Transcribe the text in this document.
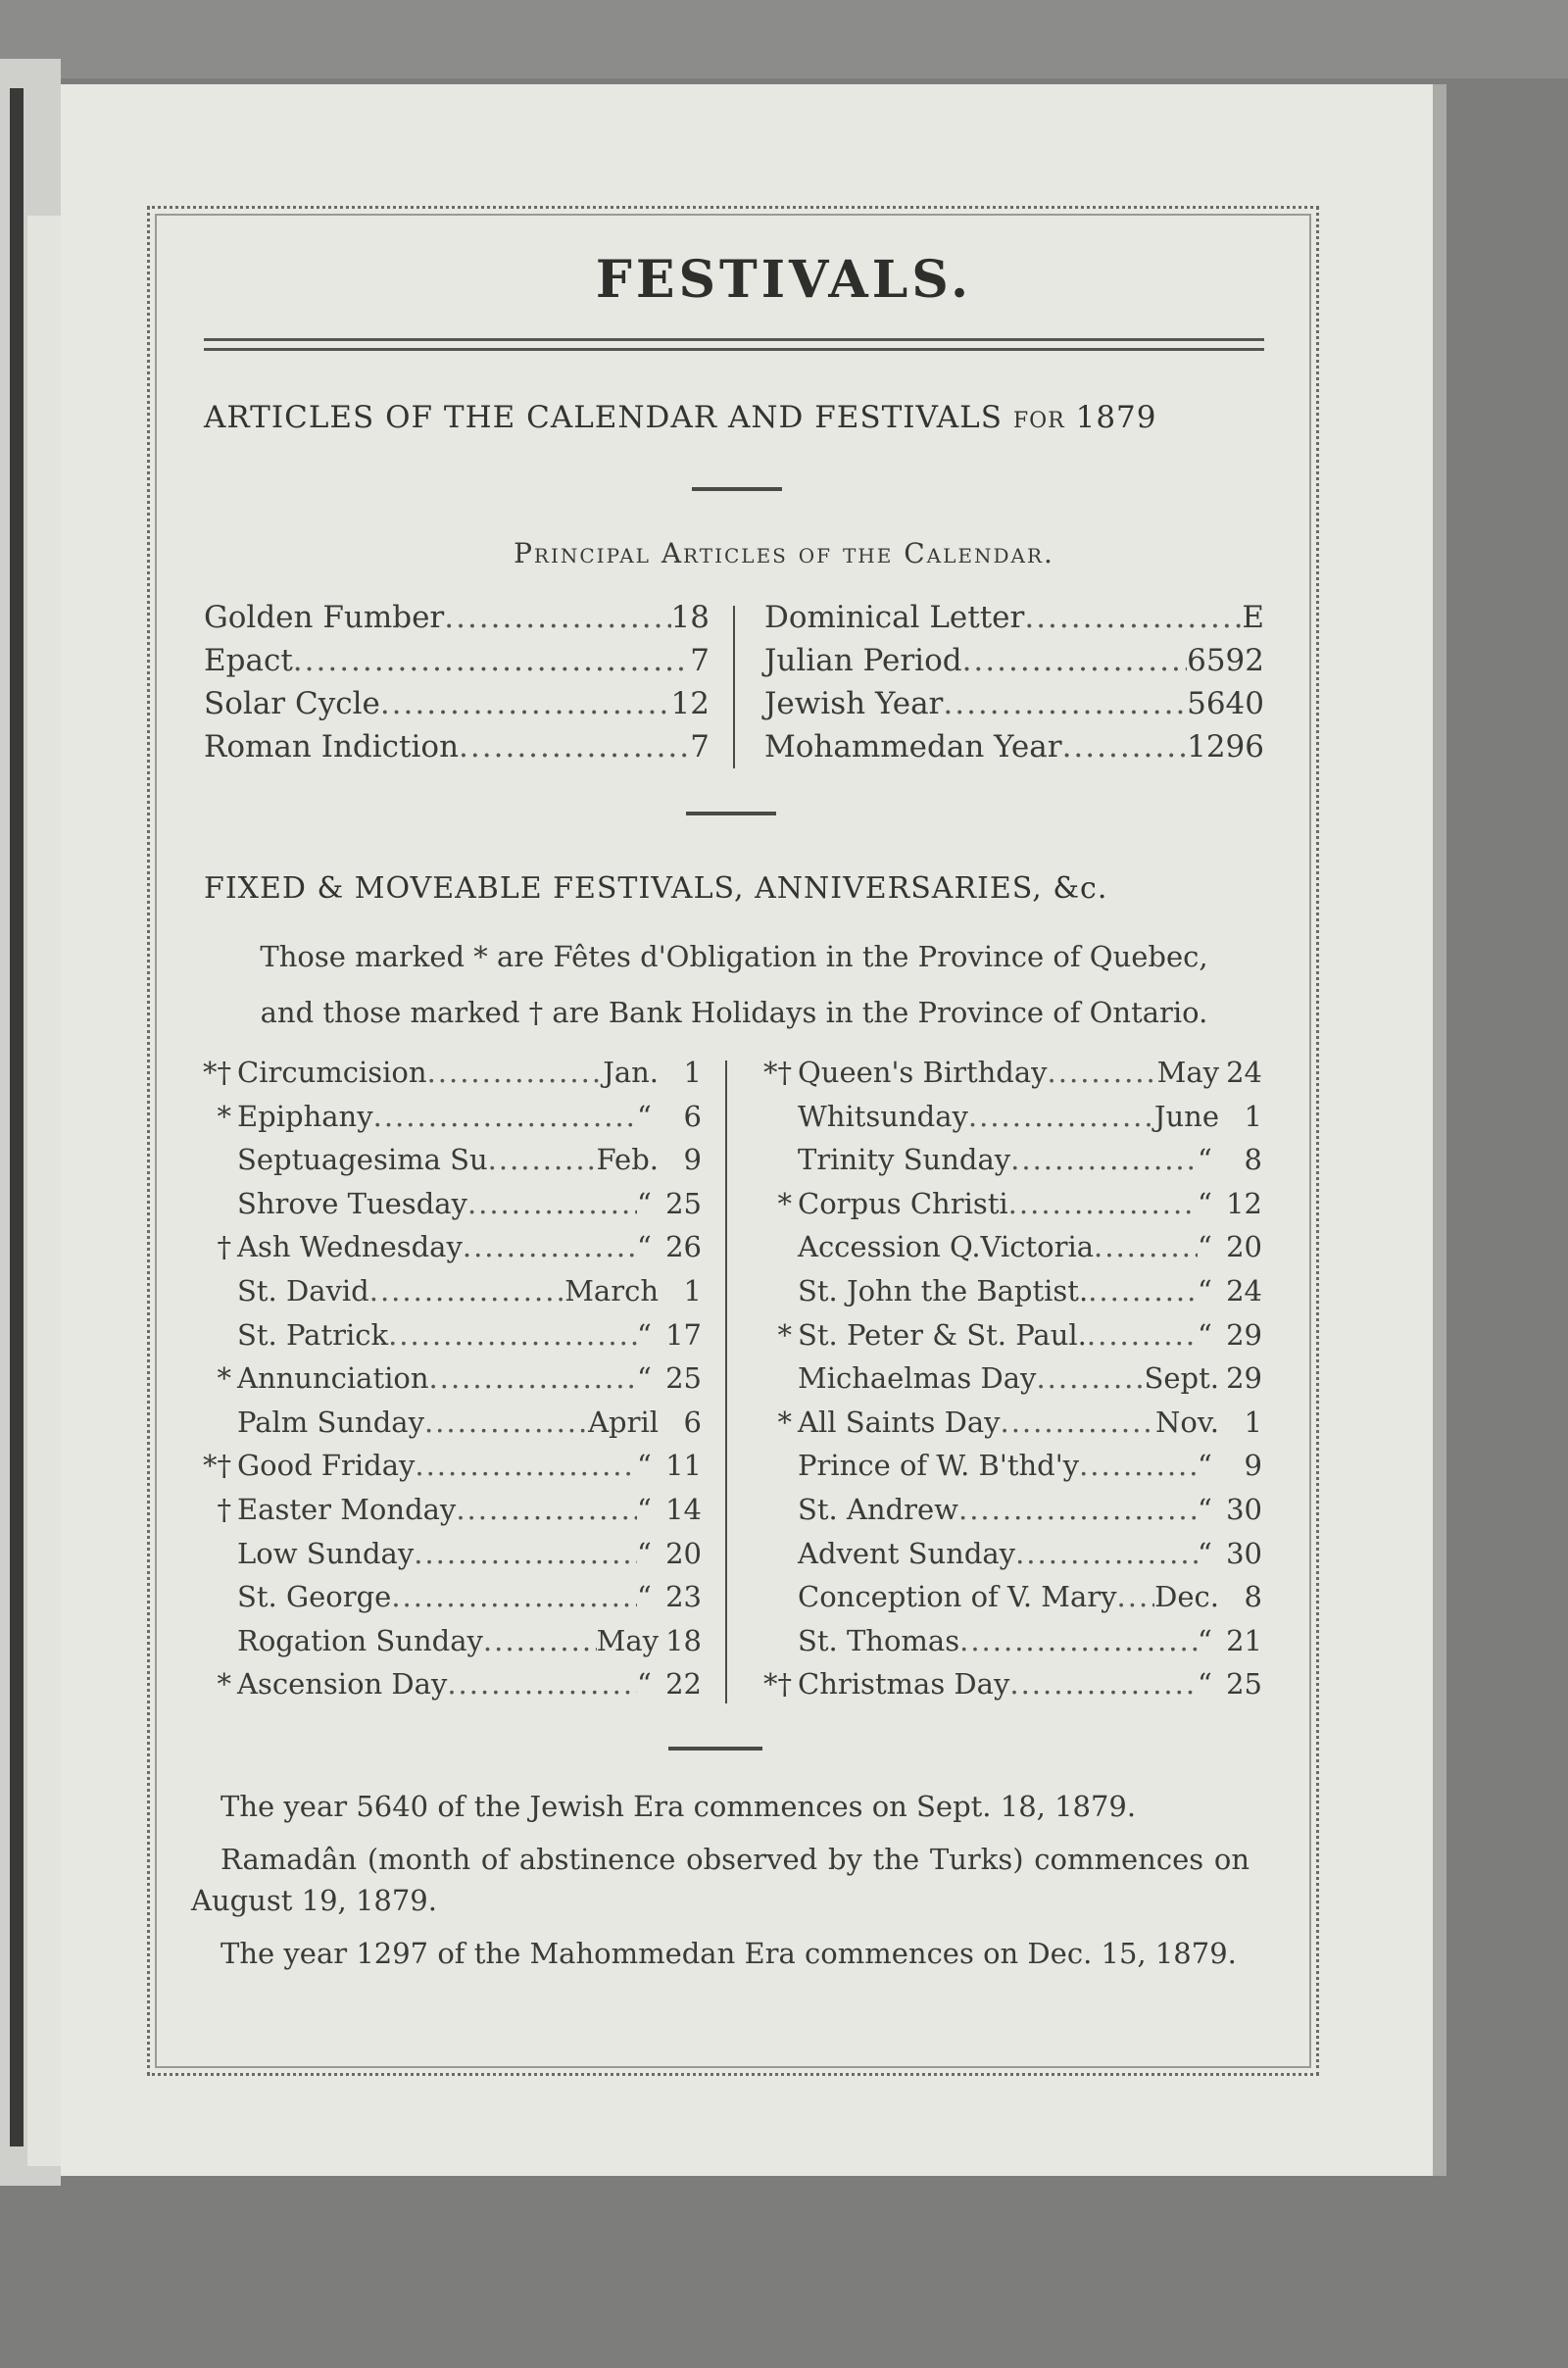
FESTIVALS.
ARTICLES OF THE CALENDAR AND FESTIVALS FOR 1879
Principal Articles of the Calendar.
Golden Fumber .....	18
Epact .....	7
Solar Cycle .....	12
Roman Indiction .....	7
Dominical Letter .....	E
Julian Period .....	6592
Jewish Year .....	5640
Mohammedan Year .....	1296
FIXED & MOVEABLE FESTIVALS, ANNIVERSARIES, &c.
Those marked * are Fêtes d'Obligation in the Province of Quebec,
and those marked † are Bank Holidays in the Province of Ontario.
*† Circumcision .....	Jan. 1
* Epiphany .....	“	6
Septuagesima Su .....	Feb. 9
Shrove Tuesday .....	“ 25
† Ash Wednesday .....	“ 26
St. David .....	March 1
St. Patrick .....	“ 17
* Annunciation .....	“ 25
Palm Sunday .....	April 6
*† Good Friday .....	“ 11
† Easter Monday .....	“ 14
Low Sunday .....	“ 20
St. George .....	“ 23
Rogation Sunday .....	May 18
* Ascension Day .....	“ 22
*† Queen's Birthday .....	May 24
Whitsunday .....	June 1
Trinity Sunday .....	“	8
* Corpus Christi .....	“ 12
Accession Q.Victoria .....	“ 20
St. John the Baptist. .....	“ 24
* St. Peter & St. Paul. .....	“ 29
Michaelmas Day .....	Sept. 29
* All Saints Day .....	Nov. 1
Prince of W. B'thd'y .....	“	9
St. Andrew .....	“ 30
Advent Sunday .....	“ 30
Conception of V. Mary ..... Dec. 8
St. Thomas .....	“ 21
*† Christmas Day .....	“ 25

The year 5640 of the Jewish Era commences on Sept. 18, 1879.

Ramadân (month of abstinence observed by the Turks) commences on August 19, 1879.

The year 1297 of the Mahommedan Era commences on Dec. 15, 1879.
